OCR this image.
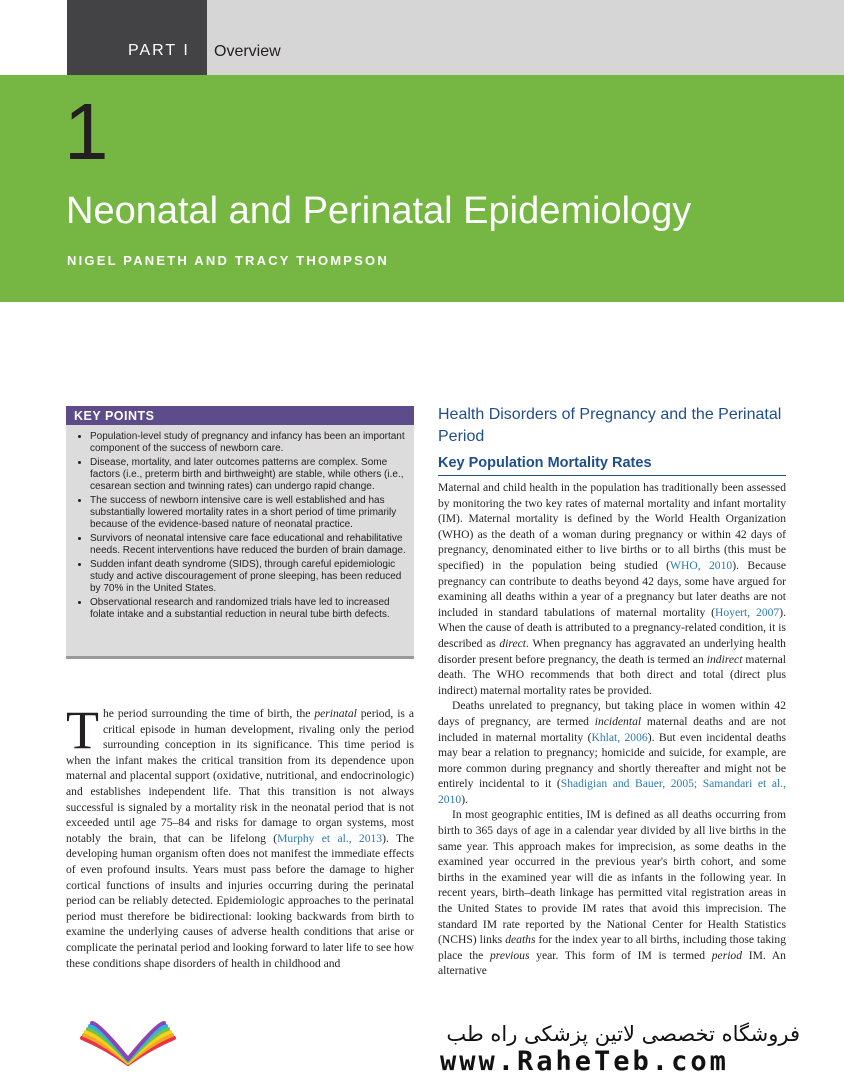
PART I Overview
1
Neonatal and Perinatal Epidemiology
NIGEL PANETH AND TRACY THOMPSON
KEY POINTS
• Population-level study of pregnancy and infancy has been an important component of the success of newborn care.
• Disease, mortality, and later outcomes patterns are complex. Some factors (i.e., preterm birth and birthweight) are stable, while others (i.e., cesarean section and twinning rates) can undergo rapid change.
• The success of newborn intensive care is well established and has substantially lowered mortality rates in a short period of time primarily because of the evidence-based nature of neonatal practice.
• Survivors of neonatal intensive care face educational and rehabilitative needs. Recent interventions have reduced the burden of brain damage.
• Sudden infant death syndrome (SIDS), through careful epidemiologic study and active discouragement of prone sleeping, has been reduced by 70% in the United States.
• Observational research and randomized trials have led to increased folate intake and a substantial reduction in neural tube birth defects.

The period surrounding the time of birth, the perinatal period, is a critical episode in human development, rivaling only the period surrounding conception in its significance. This time period is when the infant makes the critical transition from its dependence upon maternal and placental support (oxidative, nutritional, and endocrinologic) and establishes independent life. That this transition is not always successful is signaled by a mortality risk in the neonatal period that is not exceeded until age 75–84 and risks for damage to organ systems, most notably the brain, that can be lifelong (Murphy et al., 2013). The developing human organism often does not manifest the immediate effects of even profound insults. Years must pass before the damage to higher cortical functions of insults and injuries occurring during the perinatal period can be reliably detected. Epidemiologic approaches to the perinatal period must therefore be bidirectional: looking backwards from birth to examine the underlying causes of adverse health conditions that arise or complicate the perinatal period and looking forward to later life to see how these conditions shape disorders of health in childhood and

Health Disorders of Pregnancy and the Perinatal Period
Key Population Mortality Rates

Maternal and child health in the population has traditionally been assessed by monitoring the two key rates of maternal mortality and infant mortality (IM). Maternal mortality is defined by the World Health Organization (WHO) as the death of a woman during pregnancy or within 42 days of pregnancy, denominated either to live births or to all births (this must be specified) in the population being studied (WHO, 2010). Because pregnancy can contribute to deaths beyond 42 days, some have argued for examining all deaths within a year of a pregnancy but later deaths are not included in standard tabulations of maternal mortality (Hoyert, 2007). When the cause of death is attributed to a pregnancy-related condition, it is described as direct. When pregnancy has aggravated an underlying health disorder present before pregnancy, the death is termed an indirect maternal death. The WHO recommends that both direct and total (direct plus indirect) maternal mortality rates be provided.

Deaths unrelated to pregnancy, but taking place in women within 42 days of pregnancy, are termed incidental maternal deaths and are not included in maternal mortality (Khlat, 2006). But even incidental deaths may bear a relation to pregnancy; homicide and suicide, for example, are more common during pregnancy and shortly thereafter and might not be entirely incidental to it (Shadigian and Bauer, 2005; Samandari et al., 2010).

In most geographic entities, IM is defined as all deaths occurring from birth to 365 days of age in a calendar year divided by all live births in the same year. This approach makes for imprecision, as some deaths in the examined year occurred in the previous year's birth cohort, and some births in the examined year will die as infants in the following year. In recent years, birth–death linkage has permitted vital registration areas in the United States to provide IM rates that avoid this imprecision. The standard IM rate reported by the National Center for Health Statistics (NCHS) links deaths for the index year to all births, including those taking place the previous year. This form of IM is termed period IM. An alternative

فروشگاه تخصصی لاتین پزشکی راه طب
www.RaheTeb.com
